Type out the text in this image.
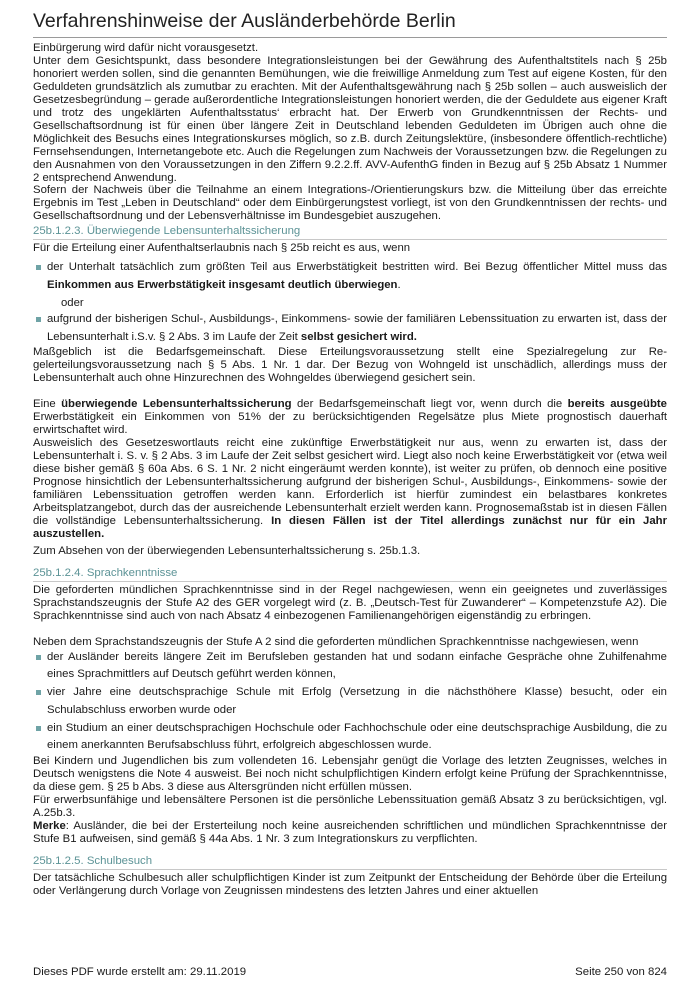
Verfahrenshinweise der Ausländerbehörde Berlin

Einbürgerung wird dafür nicht vorausgesetzt.

Unter dem Gesichtspunkt, dass besondere Integrationsleistungen bei der Gewährung des Aufenthaltstitels nach § 25b honoriert werden sollen, sind die genannten Bemühungen, wie die freiwillige Anmeldung zum Test auf eigene Kosten, für den Geduldeten grundsätzlich als zumutbar zu erachten. Mit der Aufenthaltsgewährung nach § 25b sollen – auch ausweislich der Gesetzesbegründung – gerade außerordentliche Integrationsleistungen honoriert werden, die der Geduldete aus eigener Kraft und trotz des ungeklärten Aufenthaltsstatus‘ erbracht hat. Der Erwerb von Grundkenntnissen der Rechts- und Gesellschaftsordnung ist für einen über längere Zeit in Deutschland lebenden Geduldeten im Übrigen auch ohne die Möglichkeit des Besuchs eines Integrationskurses möglich, so z.B. durch Zeitungslektüre, (insbesondere öffentlich-rechtliche) Fernsehsendungen, Internetangebote etc. Auch die Regelungen zum Nachweis der Voraussetzungen bzw. die Regelungen zu den Ausnahmen von den Voraussetzungen in den Ziffern 9.2.2.ff. AVV-AufenthG finden in Bezug auf § 25b Absatz 1 Nummer 2 entsprechend Anwendung.

Sofern der Nachweis über die Teilnahme an einem Integrations-/Orientierungskurs bzw. die Mitteilung über das erreichte Ergebnis im Test „Leben in Deutschland“ oder dem Einbürgerungstest vorliegt, ist von den Grundkenntnissen der rechts- und Gesellschaftsordnung und der Lebensverhältnisse im Bundesgebiet auszugehen.

25b.1.2.3. Überwiegende Lebensunterhaltssicherung

Für die Erteilung einer Aufenthaltserlaubnis nach § 25b reicht es aus, wenn

der Unterhalt tatsächlich zum größten Teil aus Erwerbstätigkeit bestritten wird. Bei Bezug öffentlicher Mittel muss das Einkommen aus Erwerbstätigkeit insgesamt deutlich überwiegen.
oder
aufgrund der bisherigen Schul-, Ausbildungs-, Einkommens- sowie der familiären Lebenssituation zu erwarten ist, dass der Lebensunterhalt i.S.v. § 2 Abs. 3 im Laufe der Zeit selbst gesichert wird.

Maßgeblich ist die Bedarfsgemeinschaft. Diese Erteilungsvoraussetzung stellt eine Spezialregelung zur Re-gelerteilungsvoraussetzung nach § 5 Abs. 1 Nr. 1 dar. Der Bezug von Wohngeld ist unschädlich, allerdings muss der Lebensunterhalt auch ohne Hinzurechnen des Wohngeldes überwiegend gesichert sein.

Eine überwiegende Lebensunterhaltssicherung der Bedarfsgemeinschaft liegt vor, wenn durch die bereits ausgeübte Erwerbstätigkeit ein Einkommen von 51% der zu berücksichtigenden Regelsätze plus Miete prognostisch dauerhaft erwirtschaftet wird.

Ausweislich des Gesetzeswortlauts reicht eine zukünftige Erwerbstätigkeit nur aus, wenn zu erwarten ist, dass der Lebensunterhalt i. S. v. § 2 Abs. 3 im Laufe der Zeit selbst gesichert wird. Liegt also noch keine Erwerbstätigkeit vor (etwa weil diese bisher gemäß § 60a Abs. 6 S. 1 Nr. 2 nicht eingeräumt werden konnte), ist weiter zu prüfen, ob dennoch eine positive Prognose hinsichtlich der Lebensunterhaltssicherung aufgrund der bisherigen Schul-, Ausbildungs-, Einkommens- sowie der familiären Lebenssituation getroffen werden kann. Erforderlich ist hierfür zumindest ein belastbares konkretes Arbeitsplatzangebot, durch das der ausreichende Lebensunterhalt erzielt werden kann. Prognosemaßstab ist in diesen Fällen die vollständige Lebensunterhaltssicherung. In diesen Fällen ist der Titel allerdings zunächst nur für ein Jahr auszustellen.

Zum Absehen von der überwiegenden Lebensunterhaltssicherung s. 25b.1.3.

25b.1.2.4. Sprachkenntnisse

Die geforderten mündlichen Sprachkenntnisse sind in der Regel nachgewiesen, wenn ein geeignetes und zuverlässiges Sprachstandszeugnis der Stufe A2 des GER vorgelegt wird (z. B. „Deutsch-Test für Zuwanderer“ – Kompetenzstufe A2). Die Sprachkenntnisse sind auch von nach Absatz 4 einbezogenen Familienangehörigen eigenständig zu erbringen.

Neben dem Sprachstandszeugnis der Stufe A 2 sind die geforderten mündlichen Sprachkenntnisse nachgewiesen, wenn

der Ausländer bereits längere Zeit im Berufsleben gestanden hat und sodann einfache Gespräche ohne Zuhilfenahme eines Sprachmittlers auf Deutsch geführt werden können,
vier Jahre eine deutschsprachige Schule mit Erfolg (Versetzung in die nächsthöhere Klasse) besucht, oder ein Schulabschluss erworben wurde oder
ein Studium an einer deutschsprachigen Hochschule oder Fachhochschule oder eine deutschsprachige Ausbildung, die zu einem anerkannten Berufsabschluss führt, erfolgreich abgeschlossen wurde.

Bei Kindern und Jugendlichen bis zum vollendeten 16. Lebensjahr genügt die Vorlage des letzten Zeugnisses, welches in Deutsch wenigstens die Note 4 ausweist. Bei noch nicht schulpflichtigen Kindern erfolgt keine Prüfung der Sprachkenntnisse, da diese gem. § 25 b Abs. 3 diese aus Altersgründen nicht erfüllen müssen.

Für erwerbsunfähige und lebensältere Personen ist die persönliche Lebenssituation gemäß Absatz 3 zu berücksichtigen, vgl. A.25b.3.

Merke: Ausländer, die bei der Ersterteilung noch keine ausreichenden schriftlichen und mündlichen Sprachkenntnisse der Stufe B1 aufweisen, sind gemäß § 44a Abs. 1 Nr. 3 zum Integrationskurs zu verpflichten.

25b.1.2.5. Schulbesuch

Der tatsächliche Schulbesuch aller schulpflichtigen Kinder ist zum Zeitpunkt der Entscheidung der Behörde über die Erteilung oder Verlängerung durch Vorlage von Zeugnissen mindestens des letzten Jahres und einer aktuellen

Dieses PDF wurde erstellt am: 29.11.2019	Seite 250 von 824
